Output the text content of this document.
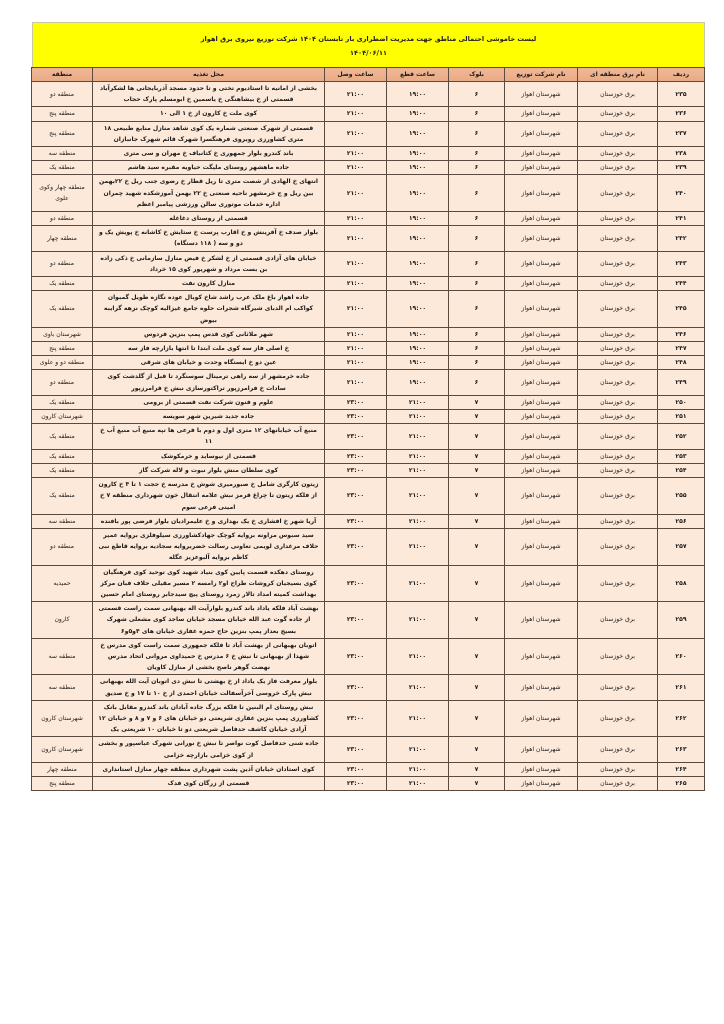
لیست خاموشی احتمالی مناطق جهت مدیریت اضطراری بار تابستان ۱۴۰۴ شرکت توزیع نیروی برق اهواز
۱۴۰۴/۰۶/۱۱
ردیف	نام برق منطقه ای	نام شرکت توزیع	بلوک	ساعت قطع	ساعت وصل	محل تغذیه	منطقه
۲۳۵	برق خوزستان	شهرستان اهواز	۶	۱۹:۰۰	۲۱:۰۰	بخشی از امانیه تا استادیوم تختی و تا حدود مسجد آذربایجانی ها لشکرآباد قسمتی از خ بیشاهنگی خ یاسمین خ ابومسلم پارک حجاب	منطقه دو
۲۳۶	برق خوزستان	شهرستان اهواز	۶	۱۹:۰۰	۲۱:۰۰	کوی ملت خ کارون از خ ۱ الی ۱۰	منطقه پنج
۲۳۷	برق خوزستان	شهرستان اهواز	۶	۱۹:۰۰	۲۱:۰۰	قسمتی از شهرک صنعتی شماره یک کوی شاهد منازل منابع طبیعی ۱۸ متری کشاورزی روبروی فرهنگسرا شهرک قائم شهرک جانبازان	منطقه پنج
۲۳۸	برق خوزستان	شهرستان اهواز	۶	۱۹:۰۰	۲۱:۰۰	باند کندرو بلوار جمهوری خ کتانباف خ مهران و سی متری	منطقه سه
۲۳۹	برق خوزستان	شهرستان اهواز	۶	۱۹:۰۰	۲۱:۰۰	جاده ماهشهر روستای ملیگت حیاویه مقبره سید هاشم	منطقه یک
۲۴۰	برق خوزستان	شهرستان اهواز	۶	۱۹:۰۰	۲۱:۰۰	انتهای خ الهادی از شصت متری تا ریل قطار خ رضوی جنب ریل خ ۲۲بهمن بین ریل و ج خرمشهر ناحیه صنعتی خ ۲۲ بهمن آموزشکده شهید چمران اداره خدمات موتوری سالن ورزشی پیامبر اعظم	منطقه چهار وکوی علوی
۲۴۱	برق خوزستان	شهرستان اهواز	۶	۱۹:۰۰	۲۱:۰۰	قسمتی از روستای دغاغله	منطقه دو
۲۴۲	برق خوزستان	شهرستان اهواز	۶	۱۹:۰۰	۲۱:۰۰	بلوار صدف خ آفرینش و خ اقارب پرست خ ستایش خ کاشانه خ پویش یک و دو و سه ( ۱۱۸ دستگاه)	منطقه چهار
۲۴۳	برق خوزستان	شهرستان اهواز	۶	۱۹:۰۰	۲۱:۰۰	خیابان های آزادی قسمتی از خ لشکر خ فیض منازل سازمانی خ ذکی زاده بن بست مرداد و شهریور کوی ۱۵ خرداد	منطقه دو
۲۴۴	برق خوزستان	شهرستان اهواز	۶	۱۹:۰۰	۲۱:۰۰	منازل کارون نفت	منطقه یک
۲۴۵	برق خوزستان	شهرستان اهواز	۶	۱۹:۰۰	۲۱:۰۰	جاده اهواز باغ ملک عرب راشد شاخ کوبال عوده نگازه طویل گمبوان کواکب ام الدبای شیرگاه شجرات حلوه جامع غیزالیه کوچک نزهه گرایبه بیوض	منطقه یک
۲۴۶	برق خوزستان	شهرستان اهواز	۶	۱۹:۰۰	۲۱:۰۰	شهر ملاثانی کوی قدس پمپ بنزین فردوس	شهرستان باوی
۲۴۷	برق خوزستان	شهرستان اهواز	۶	۱۹:۰۰	۲۱:۰۰	خ اصلی فاز سه کوی ملت ابتدا تا انتها بازارچه فاز سه	منطقه پنج
۲۴۸	برق خوزستان	شهرستان اهواز	۶	۱۹:۰۰	۲۱:۰۰	عین دو خ ایستگاه وحدت و خیابان های شرقی	منطقه دو و علوی
۲۴۹	برق خوزستان	شهرستان اهواز	۶	۱۹:۰۰	۲۱:۰۰	جاده خرمشهر از سه راهی ترمینال سوسنگرد تا قبل از گلدشت کوی سادات خ فرامرزپور تراکتورسازی نبش خ فرامرزپور	منطقه دو
۲۵۰	برق خوزستان	شهرستان اهواز	۷	۲۱:۰۰	۲۳:۰۰	علوم و فنون شرکت نفت قسمتی از برومی	منطقه یک
۲۵۱	برق خوزستان	شهرستان اهواز	۷	۲۱:۰۰	۲۳:۰۰	جاده جدید شیرین شهر سویسه	شهرستان کارون
۲۵۲	برق خوزستان	شهرستان اهواز	۷	۲۱:۰۰	۲۳:۰۰	منبع آب خیابانهای ۱۲ متری اول و دوم با فرعی ها تپه منبع آب منبع آب خ ۱۱	منطقه یک
۲۵۳	برق خوزستان	شهرستان اهواز	۷	۲۱:۰۰	۲۳:۰۰	قسمتی از نیوساید و خرمکوشک	منطقه یک
۲۵۴	برق خوزستان	شهرستان اهواز	۷	۲۱:۰۰	۲۳:۰۰	کوی سلطان منش بلوار نبوت و لاله شرکت گاز	منطقه یک
۲۵۵	برق خوزستان	شهرستان اهواز	۷	۲۱:۰۰	۲۳:۰۰	زیتون کارگری شامل خ صبورمیری شوش خ مدرسه خ حجت ۱ تا ۴ خ کارون از فلکه زیتون تا چراغ قرمز نبش علامه انتقال خون شهرداری منطقه ۷ خ امینی فرعی سوم	منطقه یک
۲۵۶	برق خوزستان	شهرستان اهواز	۷	۲۱:۰۰	۲۳:۰۰	آریا شهر خ افشاری خ یک بهداری و خ علیمرادیان بلوار فرضی پور بافنده	منطقه سه
۲۵۷	برق خوزستان	شهرستان اهواز	۷	۲۱:۰۰	۲۳:۰۰	سید سبوس مراونه بروایه کوچک جهادکشاورزی سیلوفلزی بروایه عمیر حلاف مرغداری لویمی تعاونی رسالت خضربروایه سجادیه بروایه قاطع نبی کاظم بروایه آلبوعزیز عگله	منطقه دو
۲۵۸	برق خوزستان	شهرستان اهواز	۷	۲۱:۰۰	۲۳:۰۰	روستای دهکده قسمت پایین کوی بنیاد شهید کوی توحید کوی فرهنگیان کوی بسیجیان کروشات طراح او۲ رامسه ۲ مسیر مقیلی حلاف فبان مرکز بهداشت کمیته امداد تالار زمرد روستای پیچ سیدجابر روستای امام حسین	حمیدیه
۲۵۹	برق خوزستان	شهرستان اهواز	۷	۲۱:۰۰	۲۳:۰۰	بهشت آباد فلکه یاداد باند کندرو بلوارآیت اله بهبهانی سمت راست قسمتی از جاده گوت عبد الله خیابان مسجد خیابان ساجد کوی مشعلی شهرک بسیج بعداز پمپ بنزین حاج حمزه غفاری خیابان های ۴و۵و۶	کارون
۲۶۰	برق خوزستان	شهرستان اهواز	۷	۲۱:۰۰	۲۳:۰۰	اتوبان بهبهانی از بهشت آباد تا فلکه جمهوری سمت راست کوی مدرس خ شهدا از بهبهانی تا نبش خ ۶ مدرس خ حمیداوی مروانی اتحاد مدرس نهضت گوهر ناصح بخشی از منازل کاویان	منطقه سه
۲۶۱	برق خوزستان	شهرستان اهواز	۷	۲۱:۰۰	۲۳:۰۰	بلوار معرفت فاز یک یاداد از خ بهشتی تا نبش دی اتوبان آیت الله بهبهانی نبش پارک خروسی آخرآسفالت خیابان احمدی از خ ۱۰ تا ۱۷ و خ صدیق	منطقه سه
۲۶۲	برق خوزستان	شهرستان اهواز	۷	۲۱:۰۰	۲۳:۰۰	نبش روستای ام البنین تا فلکه بزرگ جاده آبادان باند کندرو مقابل بانک کشاورزی پمپ بنزین غفاری شریعتی دو خیابان های ۶ و ۷ و ۸ و خیابان ۱۲ آزادی خیابان کاشف حدفاصل شریعتی دو تا خیابان ۱۰ شریعتی یک	شهرستان کارون
۲۶۳	برق خوزستان	شهرستان اهواز	۷	۲۱:۰۰	۲۳:۰۰	جاده شنی حدفاصل کوت نواصر تا نبش خ نورانی شهرک عباسپور و بخشی از کوی خزامی بازارچه خزامی	شهرستان کارون
۲۶۴	برق خوزستان	شهرستان اهواز	۷	۲۱:۰۰	۲۳:۰۰	کوی استادان خیابان آذین پشت شهرداری منطقه چهار منازل استانداری	منطقه چهار
۲۶۵	برق خوزستان	شهرستان اهواز	۷	۲۱:۰۰	۲۳:۰۰	قسمتی از زرگان کوی فدک	منطقه پنج
